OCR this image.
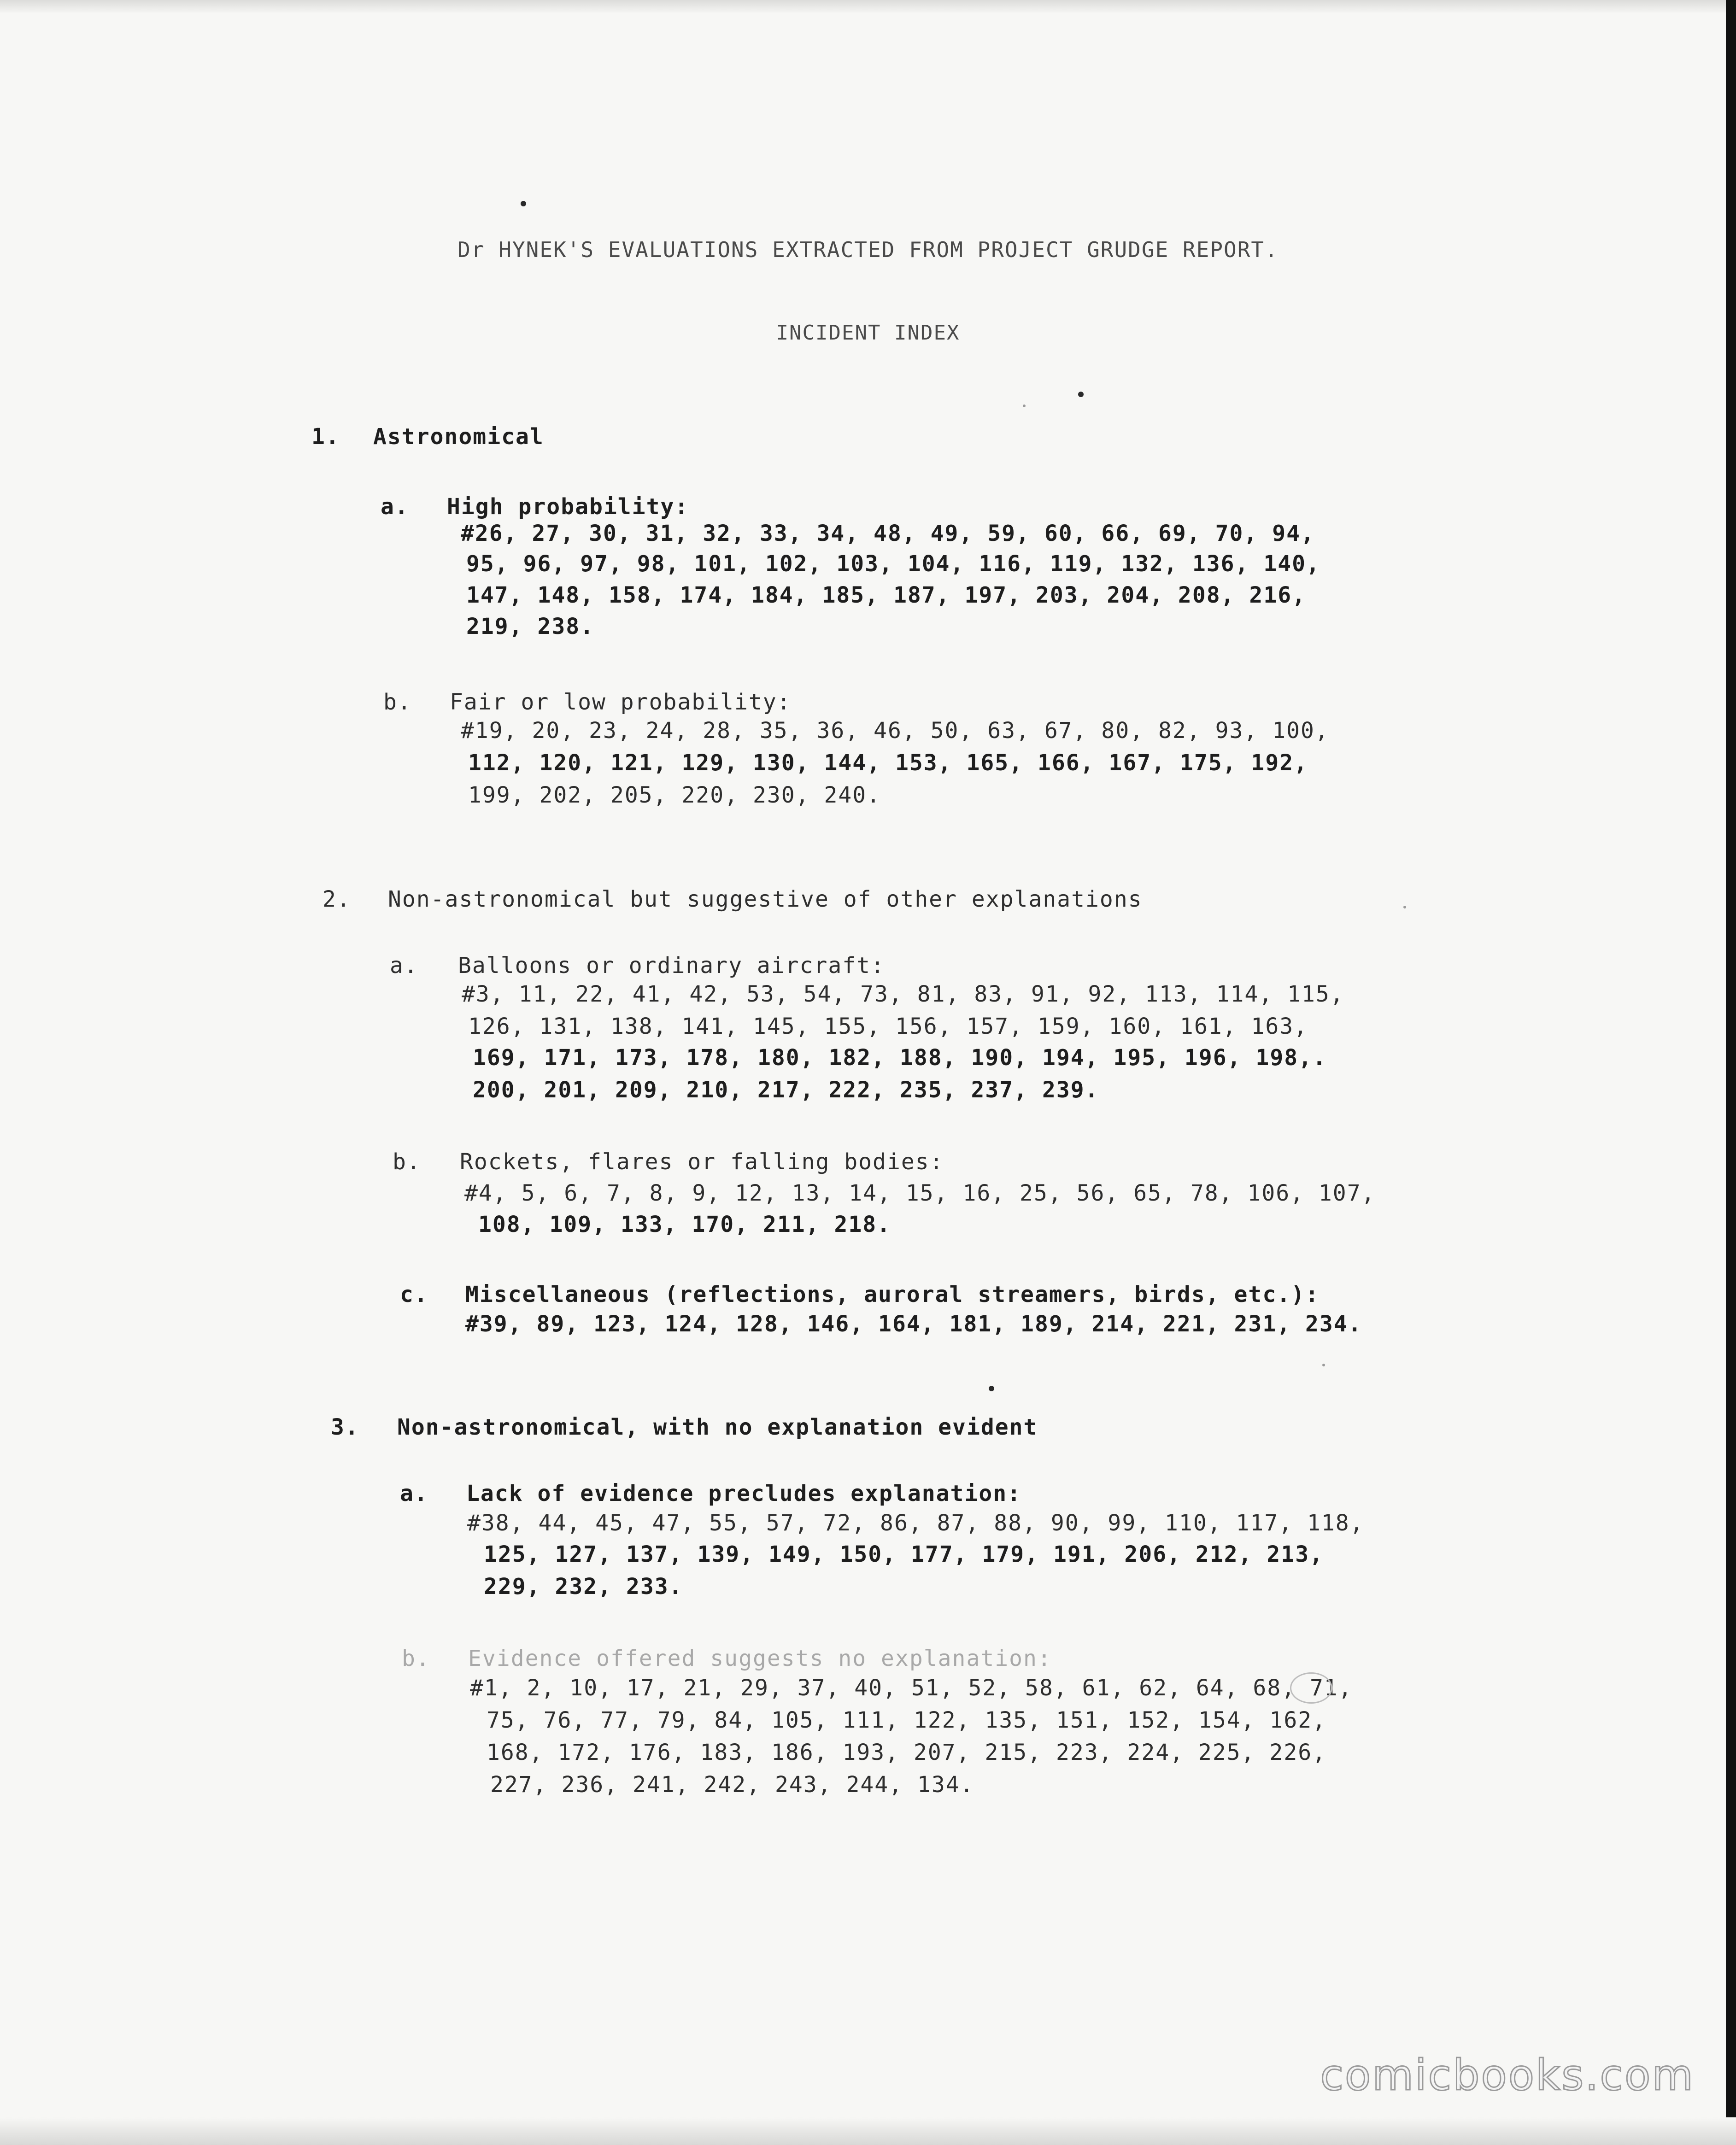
Dr HYNEK'S EVALUATIONS EXTRACTED FROM PROJECT GRUDGE REPORT.
INCIDENT INDEX
1. Astronomical
a. High probability:
#26, 27, 30, 31, 32, 33, 34, 48, 49, 59, 60, 66, 69, 70, 94,
95, 96, 97, 98, 101, 102, 103, 104, 116, 119, 132, 136, 140,
147, 148, 158, 174, 184, 185, 187, 197, 203, 204, 208, 216,
219, 238.
b. Fair or low probability:
#19, 20, 23, 24, 28, 35, 36, 46, 50, 63, 67, 80, 82, 93, 100,
112, 120, 121, 129, 130, 144, 153, 165, 166, 167, 175, 192,
199, 202, 205, 220, 230, 240.
2. Non-astronomical but suggestive of other explanations
a. Balloons or ordinary aircraft:
#3, 11, 22, 41, 42, 53, 54, 73, 81, 83, 91, 92, 113, 114, 115,
126, 131, 138, 141, 145, 155, 156, 157, 159, 160, 161, 163,
169, 171, 173, 178, 180, 182, 188, 190, 194, 195, 196, 198,.
200, 201, 209, 210, 217, 222, 235, 237, 239.
b. Rockets, flares or falling bodies:
#4, 5, 6, 7, 8, 9, 12, 13, 14, 15, 16, 25, 56, 65, 78, 106, 107,
108, 109, 133, 170, 211, 218.
c. Miscellaneous (reflections, auroral streamers, birds, etc.):
#39, 89, 123, 124, 128, 146, 164, 181, 189, 214, 221, 231, 234.
3. Non-astronomical, with no explanation evident
a. Lack of evidence precludes explanation:
#38, 44, 45, 47, 55, 57, 72, 86, 87, 88, 90, 99, 110, 117, 118,
125, 127, 137, 139, 149, 150, 177, 179, 191, 206, 212, 213,
229, 232, 233.
b. Evidence offered suggests no explanation:
#1, 2, 10, 17, 21, 29, 37, 40, 51, 52, 58, 61, 62, 64, 68, 71,
75, 76, 77, 79, 84, 105, 111, 122, 135, 151, 152, 154, 162,
168, 172, 176, 183, 186, 193, 207, 215, 223, 224, 225, 226,
227, 236, 241, 242, 243, 244, 134.
comicbooks.com
